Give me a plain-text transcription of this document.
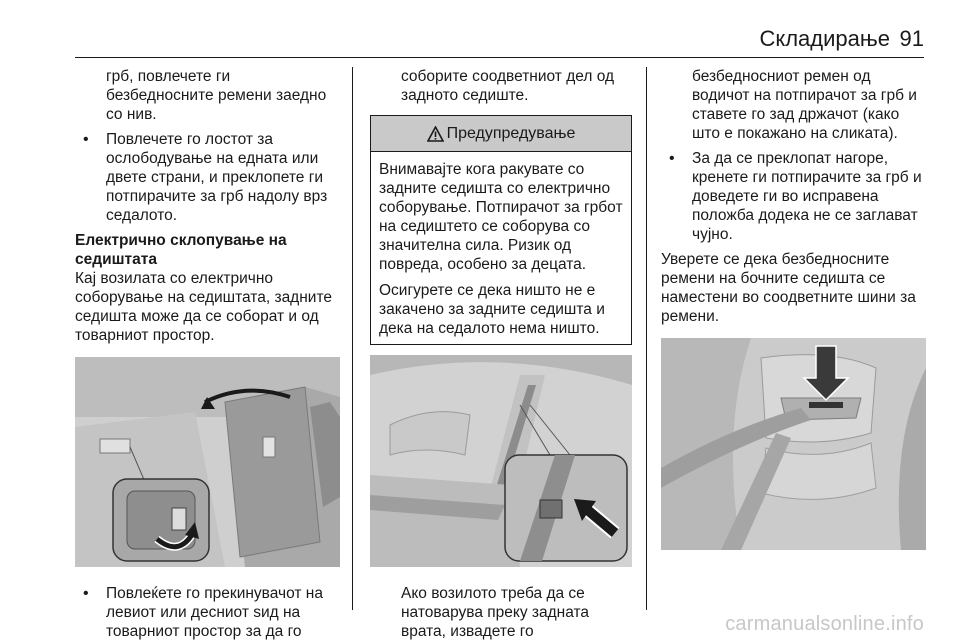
Складирање 91
грб, повлечете ги безбедносните ремени заедно со нив.
• Повлечете го лостот за ослободување на едната или двете страни, и преклопете ги потпирачите за грб надолу врз седалото.
Електрично склопување на седиштата
Кај возилата со електрично соборување на седиштата, задните седишта може да се соборат и од товарниот простор.
• Повлеќете го прекинувачот на левиот или десниот ѕид на товарниот простор за да го
соборите соодветниот дел од задното седиште.
Предупредување
Внимавајте кога ракувате со задните седишта со електрично соборување. Потпирачот за грбот на седиштето се соборува со значителна сила. Ризик од повреда, особено за децата.
Осигурете се дека ништо не е закачено за задните седишта и дека на седалото нема ништо.
Ако возилото треба да се натоварува преку задната врата, извадете го
безбедносниот ремен од водичот на потпирачот за грб и ставете го зад држачот (како што е покажано на сликата).
• За да се преклопат нагоре, кренете ги потпирачите за грб и доведете ги во исправена положба додека не се заглават чујно.
Уверете се дека безбедносните ремени на бочните седишта се наместени во соодветните шини за ремени.
carmanualsonline.info
